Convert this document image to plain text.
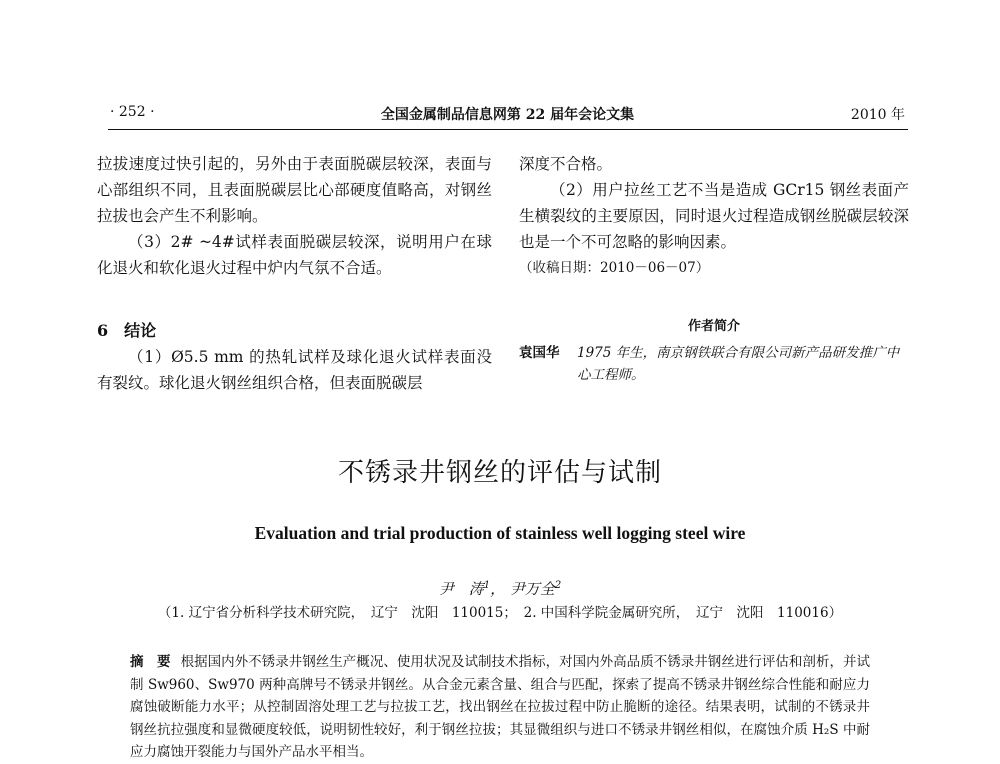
· 252 ·	全国金属制品信息网第 22 届年会论文集	2010 年

拉拔速度过快引起的，另外由于表面脱碳层较深，表面与心部组织不同，且表面脱碳层比心部硬度值略高，对钢丝拉拔也会产生不利影响。

（3）2# ~4#试样表面脱碳层较深，说明用户在球化退火和软化退火过程中炉内气氛不合适。

6　结论

（1）Ø5.5 mm 的热轧试样及球化退火试样表面没有裂纹。球化退火钢丝组织合格，但表面脱碳层

深度不合格。

（2）用户拉丝工艺不当是造成 GCr15 钢丝表面产生横裂纹的主要原因，同时退火过程造成钢丝脱碳层较深也是一个不可忽略的影响因素。

（收稿日期：2010－06－07）

作者简介
袁国华 1975 年生，南京钢铁联合有限公司新产品研发推广中心工程师。
不锈录井钢丝的评估与试制
Evaluation and trial production of stainless well logging steel wire
尹　涛$^1$， 尹万全$^2$
（1. 辽宁省分析科学技术研究院，　辽宁　沈阳　110015；　2. 中国科学院金属研究所，　辽宁　沈阳　110016）
摘　要 根据国内外不锈录井钢丝生产概况、使用状况及试制技术指标，对国内外高品质不锈录井钢丝进行评估和剖析，并试制 Sw960、Sw970 两种高牌号不锈录井钢丝。从合金元素含量、组合与匹配，探索了提高不锈录井钢丝综合性能和耐应力腐蚀破断能力水平；从控制固溶处理工艺与拉拔工艺，找出钢丝在拉拔过程中防止脆断的途径。结果表明，试制的不锈录井钢丝抗拉强度和显微硬度较低，说明韧性较好，利于钢丝拉拔；其显微组织与进口不锈录井钢丝相似，在腐蚀介质 H₂S 中耐应力腐蚀开裂能力与国外产品水平相当。
